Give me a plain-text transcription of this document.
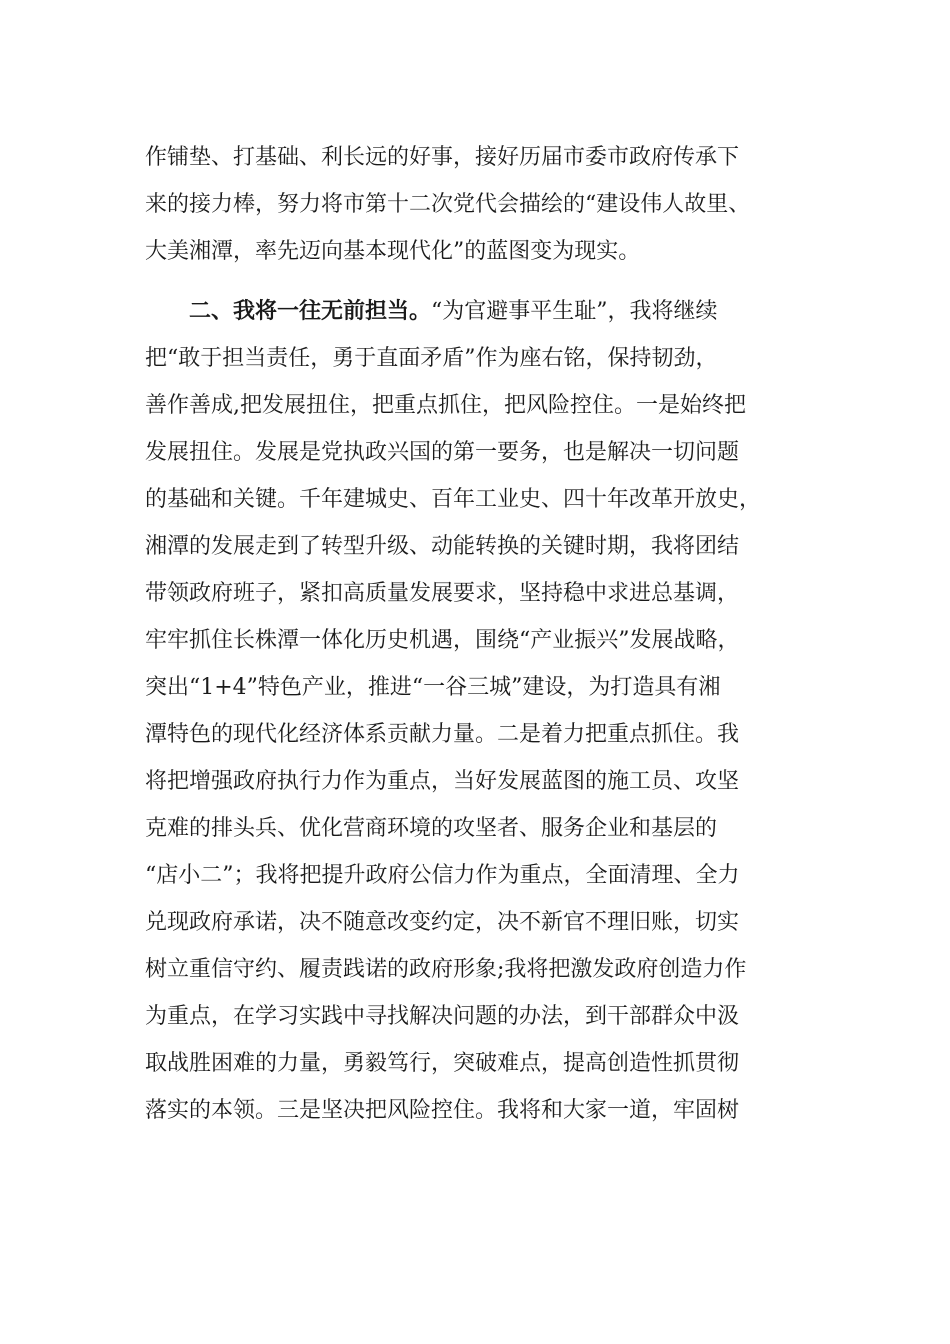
作铺垫、打基础、利长远的好事，接好历届市委市政府传承下
来的接力棒，努力将市第十二次党代会描绘的“建设伟人故里、
大美湘潭，率先迈向基本现代化”的蓝图变为现实。
二、我将一往无前担当。“为官避事平生耻”，我将继续
把“敢于担当责任，勇于直面矛盾”作为座右铭，保持韧劲，
善作善成,把发展扭住，把重点抓住，把风险控住。一是始终把
发展扭住。发展是党执政兴国的第一要务，也是解决一切问题
的基础和关键。千年建城史、百年工业史、四十年改革开放史，
湘潭的发展走到了转型升级、动能转换的关键时期，我将团结
带领政府班子，紧扣高质量发展要求，坚持稳中求进总基调，
牢牢抓住长株潭一体化历史机遇，围绕“产业振兴”发展战略，
突出“1+4”特色产业，推进“一谷三城”建设，为打造具有湘
潭特色的现代化经济体系贡献力量。二是着力把重点抓住。我
将把增强政府执行力作为重点，当好发展蓝图的施工员、攻坚
克难的排头兵、优化营商环境的攻坚者、服务企业和基层的
“店小二”；我将把提升政府公信力作为重点，全面清理、全力
兑现政府承诺，决不随意改变约定，决不新官不理旧账，切实
树立重信守约、履责践诺的政府形象;我将把激发政府创造力作
为重点，在学习实践中寻找解决问题的办法，到干部群众中汲
取战胜困难的力量，勇毅笃行，突破难点，提高创造性抓贯彻
落实的本领。三是坚决把风险控住。我将和大家一道，牢固树
